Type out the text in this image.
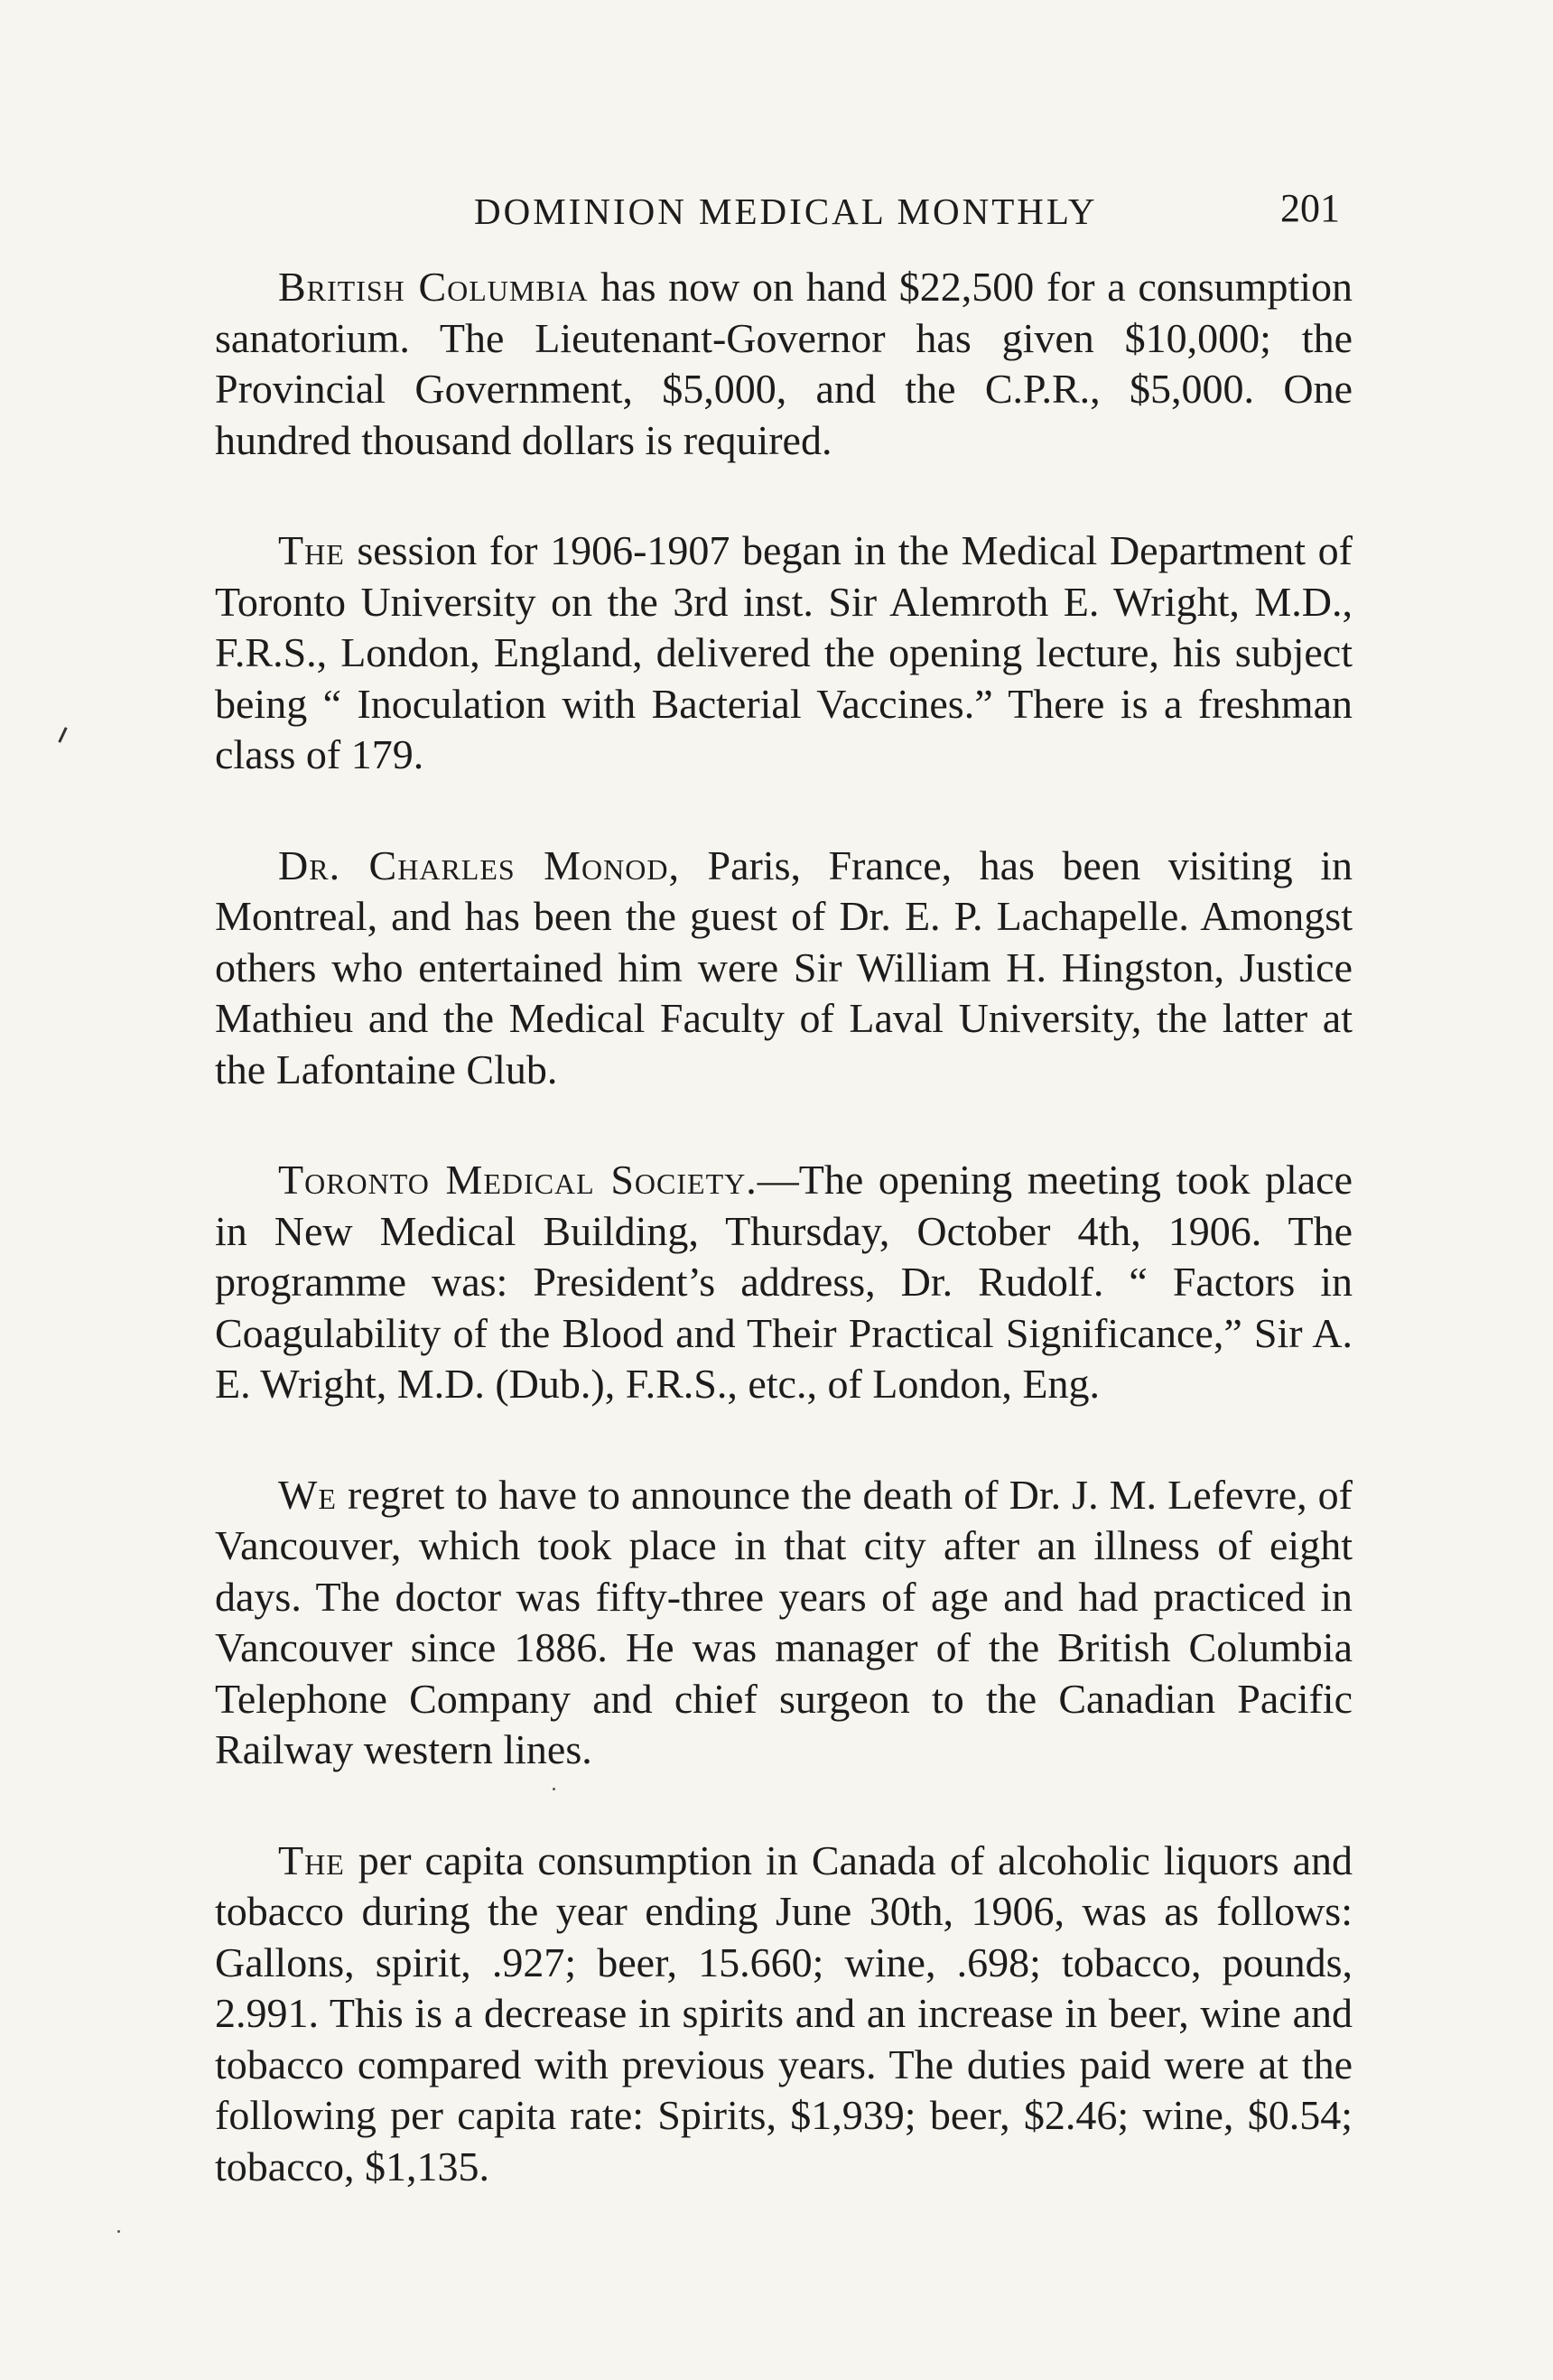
DOMINION MEDICAL MONTHLY	201

British Columbia has now on hand $22,500 for a consumption sanatorium. The Lieutenant-Governor has given $10,000; the Provincial Government, $5,000, and the C.P.R., $5,000. One hundred thousand dollars is required.

The session for 1906-1907 began in the Medical Department of Toronto University on the 3rd inst. Sir Alemroth E. Wright, M.D., F.R.S., London, England, delivered the opening lecture, his subject being “ Inoculation with Bacterial Vaccines.” There is a freshman class of 179.

Dr. Charles Monod, Paris, France, has been visiting in Montreal, and has been the guest of Dr. E. P. Lachapelle. Amongst others who entertained him were Sir William H. Hingston, Justice Mathieu and the Medical Faculty of Laval University, the latter at the Lafontaine Club.

Toronto Medical Society.—The opening meeting took place in New Medical Building, Thursday, October 4th, 1906. The programme was: President’s address, Dr. Rudolf. “ Factors in Coagulability of the Blood and Their Practical Significance,” Sir A. E. Wright, M.D. (Dub.), F.R.S., etc., of London, Eng.

We regret to have to announce the death of Dr. J. M. Lefevre, of Vancouver, which took place in that city after an illness of eight days. The doctor was fifty-three years of age and had practiced in Vancouver since 1886. He was manager of the British Columbia Telephone Company and chief surgeon to the Canadian Pacific Railway western lines.

The per capita consumption in Canada of alcoholic liquors and tobacco during the year ending June 30th, 1906, was as follows: Gallons, spirit, .927; beer, 15.660; wine, .698; tobacco, pounds, 2.991. This is a decrease in spirits and an increase in beer, wine and tobacco compared with previous years. The duties paid were at the following per capita rate: Spirits, $1,939; beer, $2.46; wine, $0.54; tobacco, $1,135.
